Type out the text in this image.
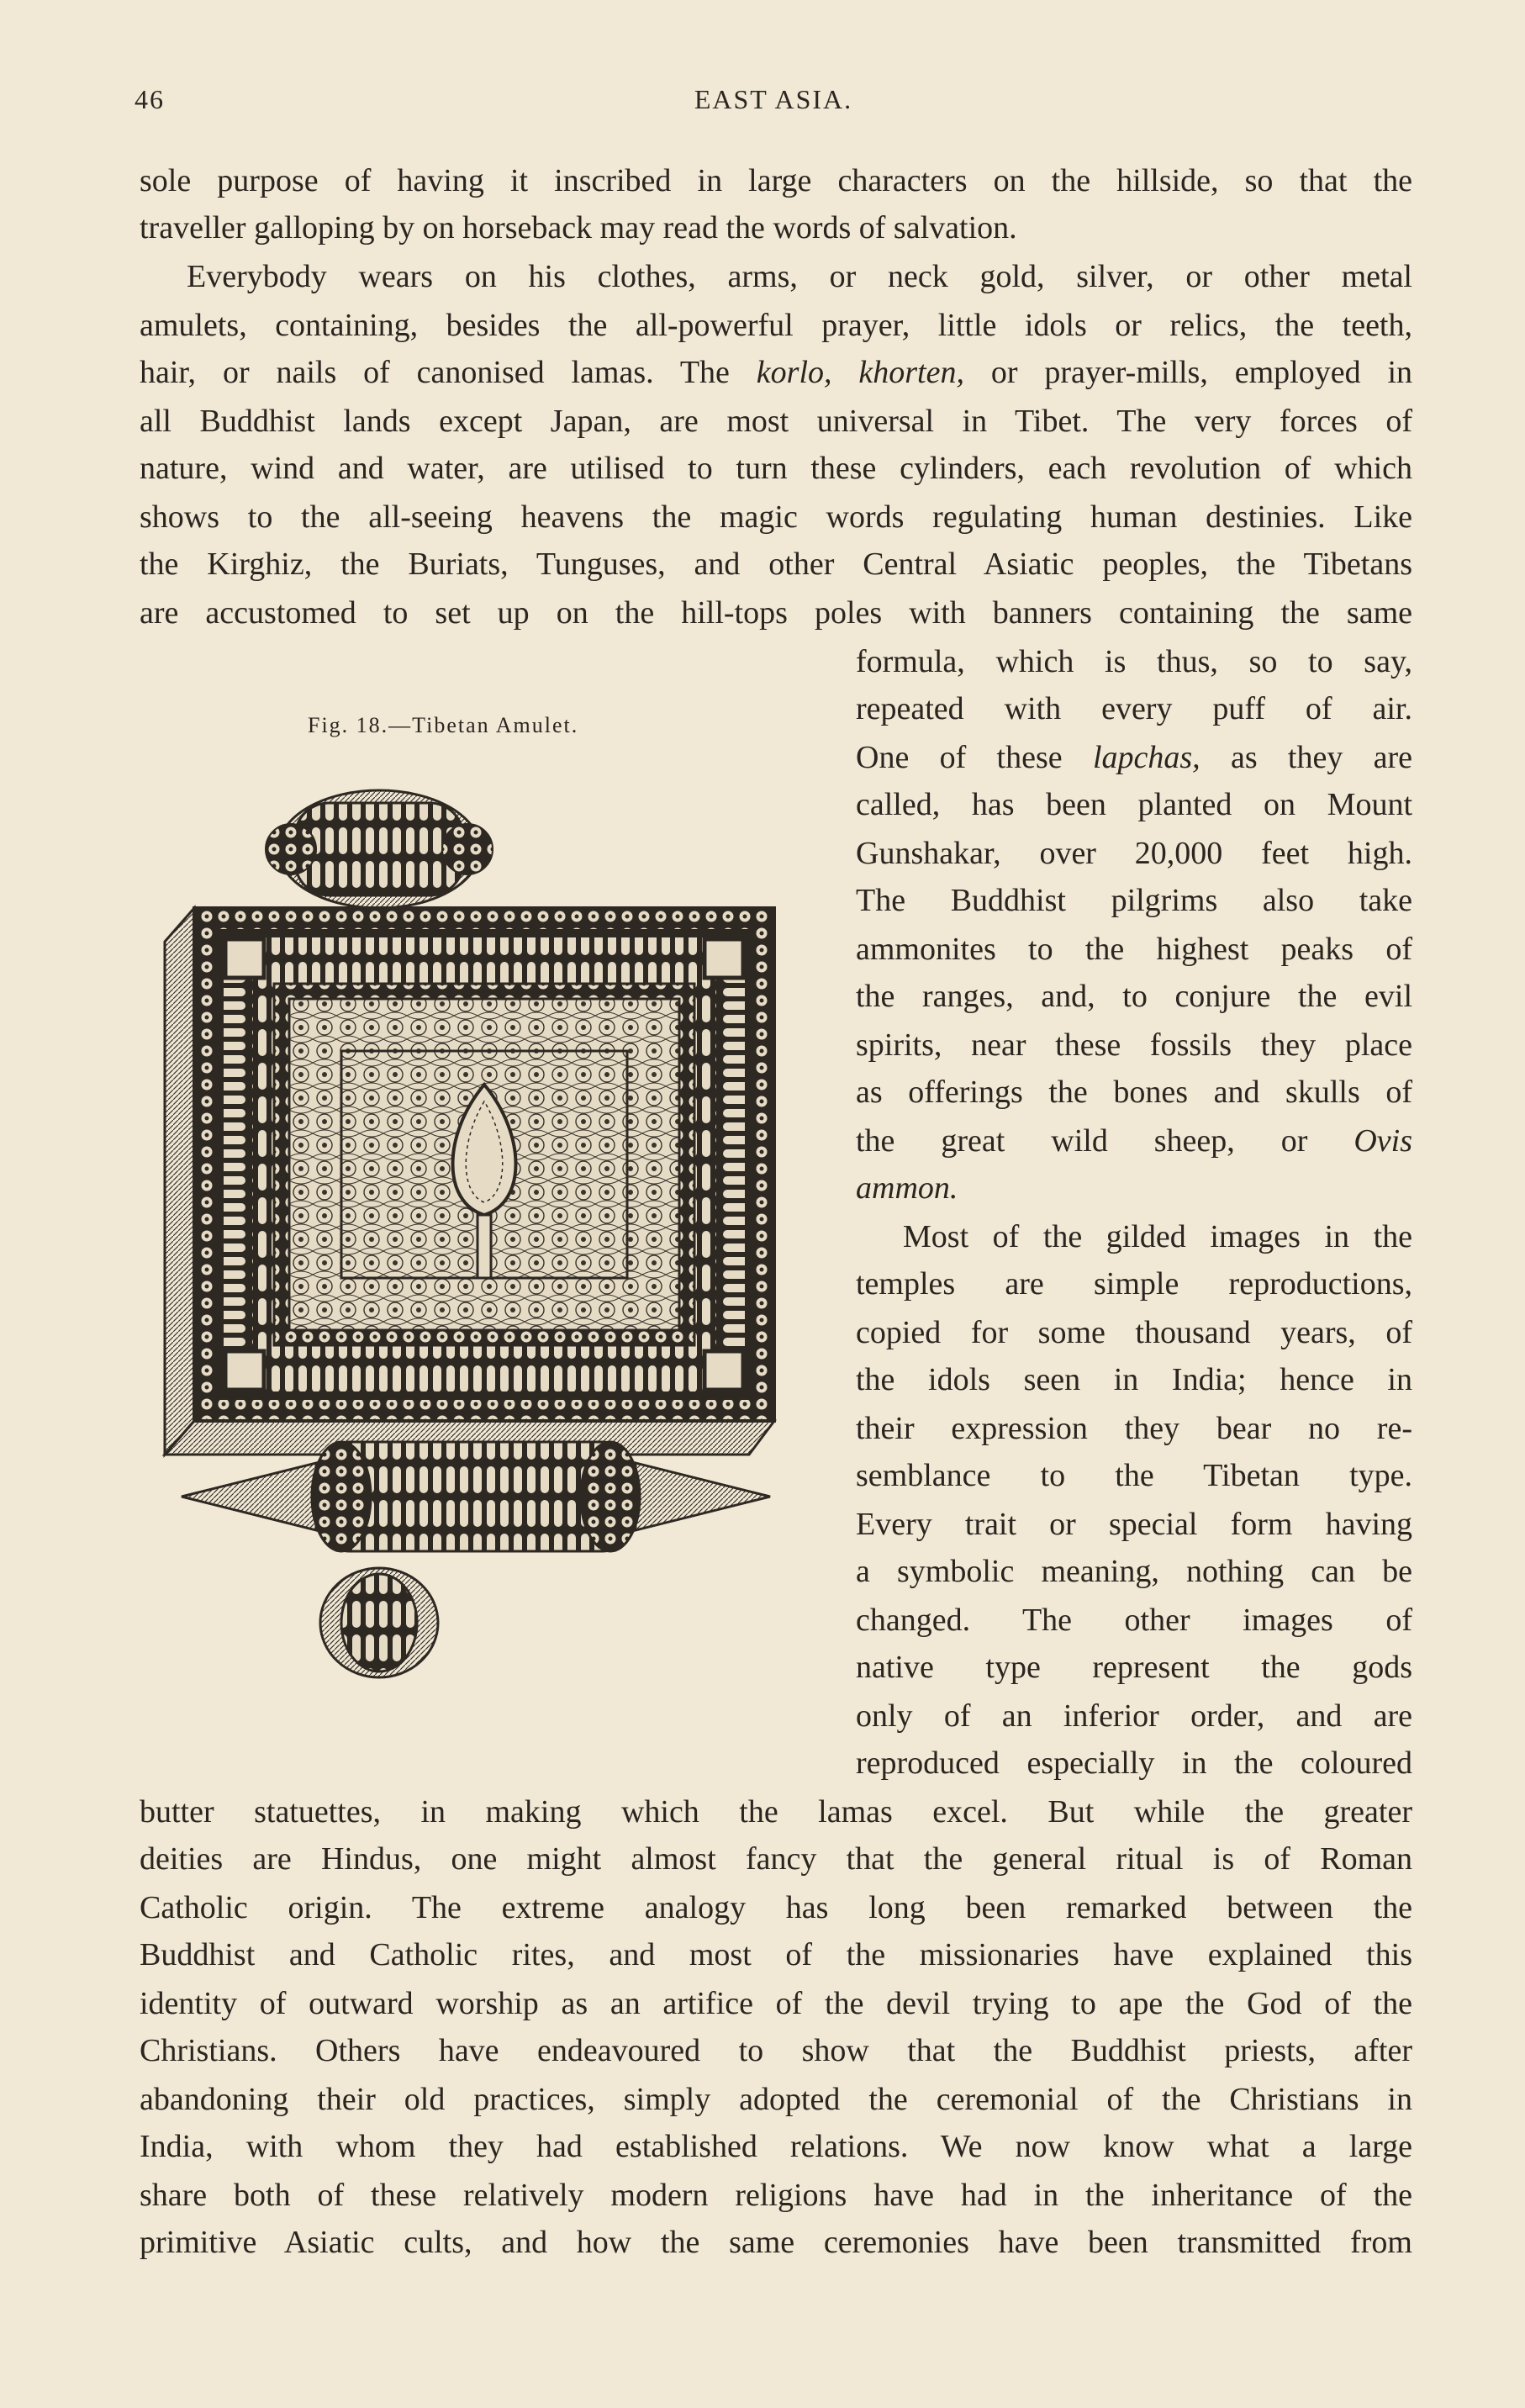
46	EAST ASIA.
sole purpose of having it inscribed in large characters on the hillside, so that the
traveller galloping by on horseback may read the words of salvation.
Everybody wears on his clothes, arms, or neck gold, silver, or other metal
amulets, containing, besides the all-powerful prayer, little idols or relics, the teeth,
hair, or nails of canonised lamas. The korlo, khorten, or prayer-mills, employed in
all Buddhist lands except Japan, are most universal in Tibet. The very forces of
nature, wind and water, are utilised to turn these cylinders, each revolution of which
shows to the all-seeing heavens the magic words regulating human destinies. Like
the Kirghiz, the Buriats, Tunguses, and other Central Asiatic peoples, the Tibetans
are accustomed to set up on the hill-tops poles with banners containing the same
Fig. 18.—Tibetan Amulet.
formula, which is thus, so to say,
repeated with every puff of air.
One of these lapchas, as they are
called, has been planted on Mount
Gunshakar, over 20,000 feet high.
The Buddhist pilgrims also take
ammonites to the highest peaks of
the ranges, and, to conjure the evil
spirits, near these fossils they place
as offerings the bones and skulls of
the great wild sheep, or Ovis
ammon.
Most of the gilded images in the
temples are simple reproductions,
copied for some thousand years, of
the idols seen in India; hence in
their expression they bear no re-
semblance to the Tibetan type.
Every trait or special form having
a symbolic meaning, nothing can be
changed. The other images of
native type represent the gods
only of an inferior order, and are
reproduced especially in the coloured
butter statuettes, in making which the lamas excel. But while the greater
deities are Hindus, one might almost fancy that the general ritual is of Roman
Catholic origin. The extreme analogy has long been remarked between the
Buddhist and Catholic rites, and most of the missionaries have explained this
identity of outward worship as an artifice of the devil trying to ape the God of the
Christians. Others have endeavoured to show that the Buddhist priests, after
abandoning their old practices, simply adopted the ceremonial of the Christians in
India, with whom they had established relations. We now know what a large
share both of these relatively modern religions have had in the inheritance of the
primitive Asiatic cults, and how the same ceremonies have been transmitted from
